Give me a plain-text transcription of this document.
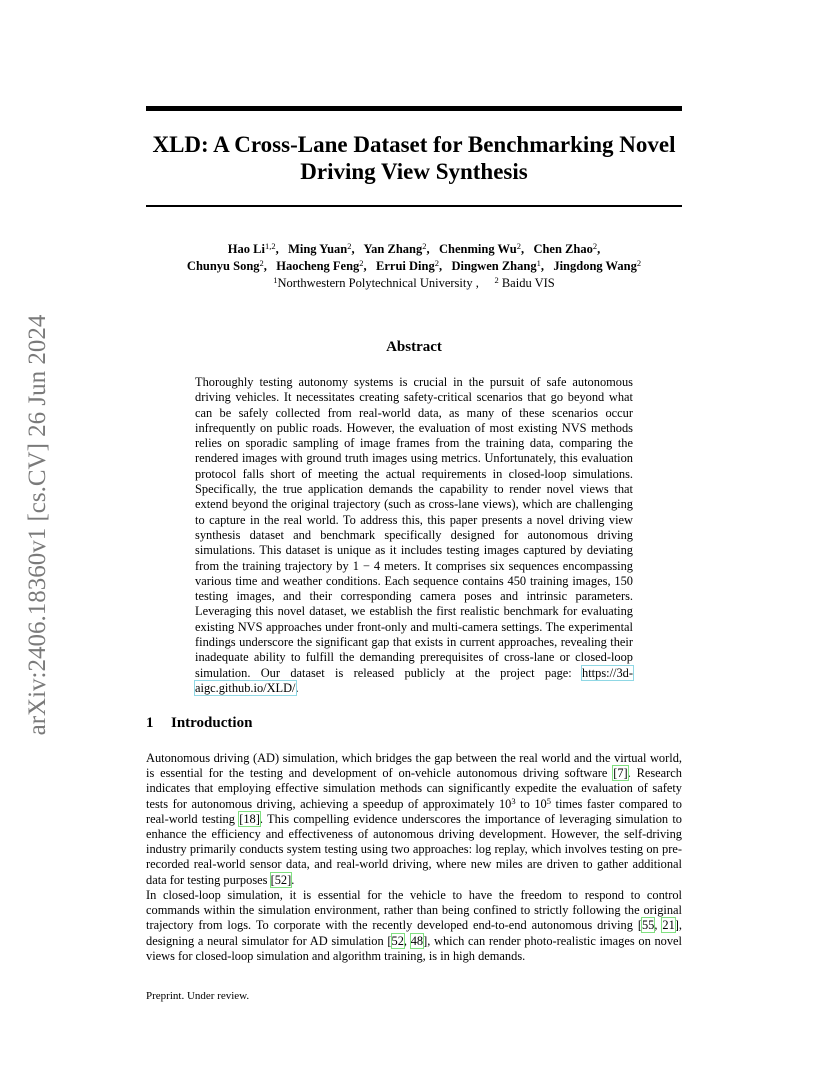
arXiv:2406.18360v1 [cs.CV] 26 Jun 2024
XLD: A Cross-Lane Dataset for Benchmarking Novel Driving View Synthesis
Hao Li$^{1,2}$, Ming Yuan$^2$, Yan Zhang$^2$, Chenming Wu$^2$, Chen Zhao$^2$,
Chunyu Song$^2$, Haocheng Feng$^2$, Errui Ding$^2$, Dingwen Zhang$^1$, Jingdong Wang$^2$
$^1$Northwestern Polytechnical University , $^2$ Baidu VIS
Abstract
Thoroughly testing autonomy systems is crucial in the pursuit of safe autonomous driving vehicles. It necessitates creating safety-critical scenarios that go beyond what can be safely collected from real-world data, as many of these scenarios occur infrequently on public roads. However, the evaluation of most existing NVS methods relies on sporadic sampling of image frames from the training data, comparing the rendered images with ground truth images using metrics. Unfortunately, this evaluation protocol falls short of meeting the actual requirements in closed-loop simulations. Specifically, the true application demands the capability to render novel views that extend beyond the original trajectory (such as cross-lane views), which are challenging to capture in the real world. To address this, this paper presents a novel driving view synthesis dataset and benchmark specifically designed for autonomous driving simulations. This dataset is unique as it includes testing images captured by deviating from the training trajectory by 1 − 4 meters. It comprises six sequences encompassing various time and weather conditions. Each sequence contains 450 training images, 150 testing images, and their corresponding camera poses and intrinsic parameters. Leveraging this novel dataset, we establish the first realistic benchmark for evaluating existing NVS approaches under front-only and multi-camera settings. The experimental findings underscore the significant gap that exists in current approaches, revealing their inadequate ability to fulfill the demanding prerequisites of cross-lane or closed-loop simulation. Our dataset is released publicly at the project page: https://3d-aigc.github.io/XLD/.
1 Introduction
Autonomous driving (AD) simulation, which bridges the gap between the real world and the virtual world, is essential for the testing and development of on-vehicle autonomous driving software [7]. Research indicates that employing effective simulation methods can significantly expedite the evaluation of safety tests for autonomous driving, achieving a speedup of approximately $10^3$ to $10^5$ times faster compared to real-world testing [18]. This compelling evidence underscores the importance of leveraging simulation to enhance the efficiency and effectiveness of autonomous driving development. However, the self-driving industry primarily conducts system testing using two approaches: log replay, which involves testing on pre-recorded real-world sensor data, and real-world driving, where new miles are driven to gather additional data for testing purposes [52].
In closed-loop simulation, it is essential for the vehicle to have the freedom to respond to control commands within the simulation environment, rather than being confined to strictly following the original trajectory from logs. To corporate with the recently developed end-to-end autonomous driving [55, 21], designing a neural simulator for AD simulation [52, 48], which can render photo-realistic images on novel views for closed-loop simulation and algorithm training, is in high demands.
Preprint. Under review.
